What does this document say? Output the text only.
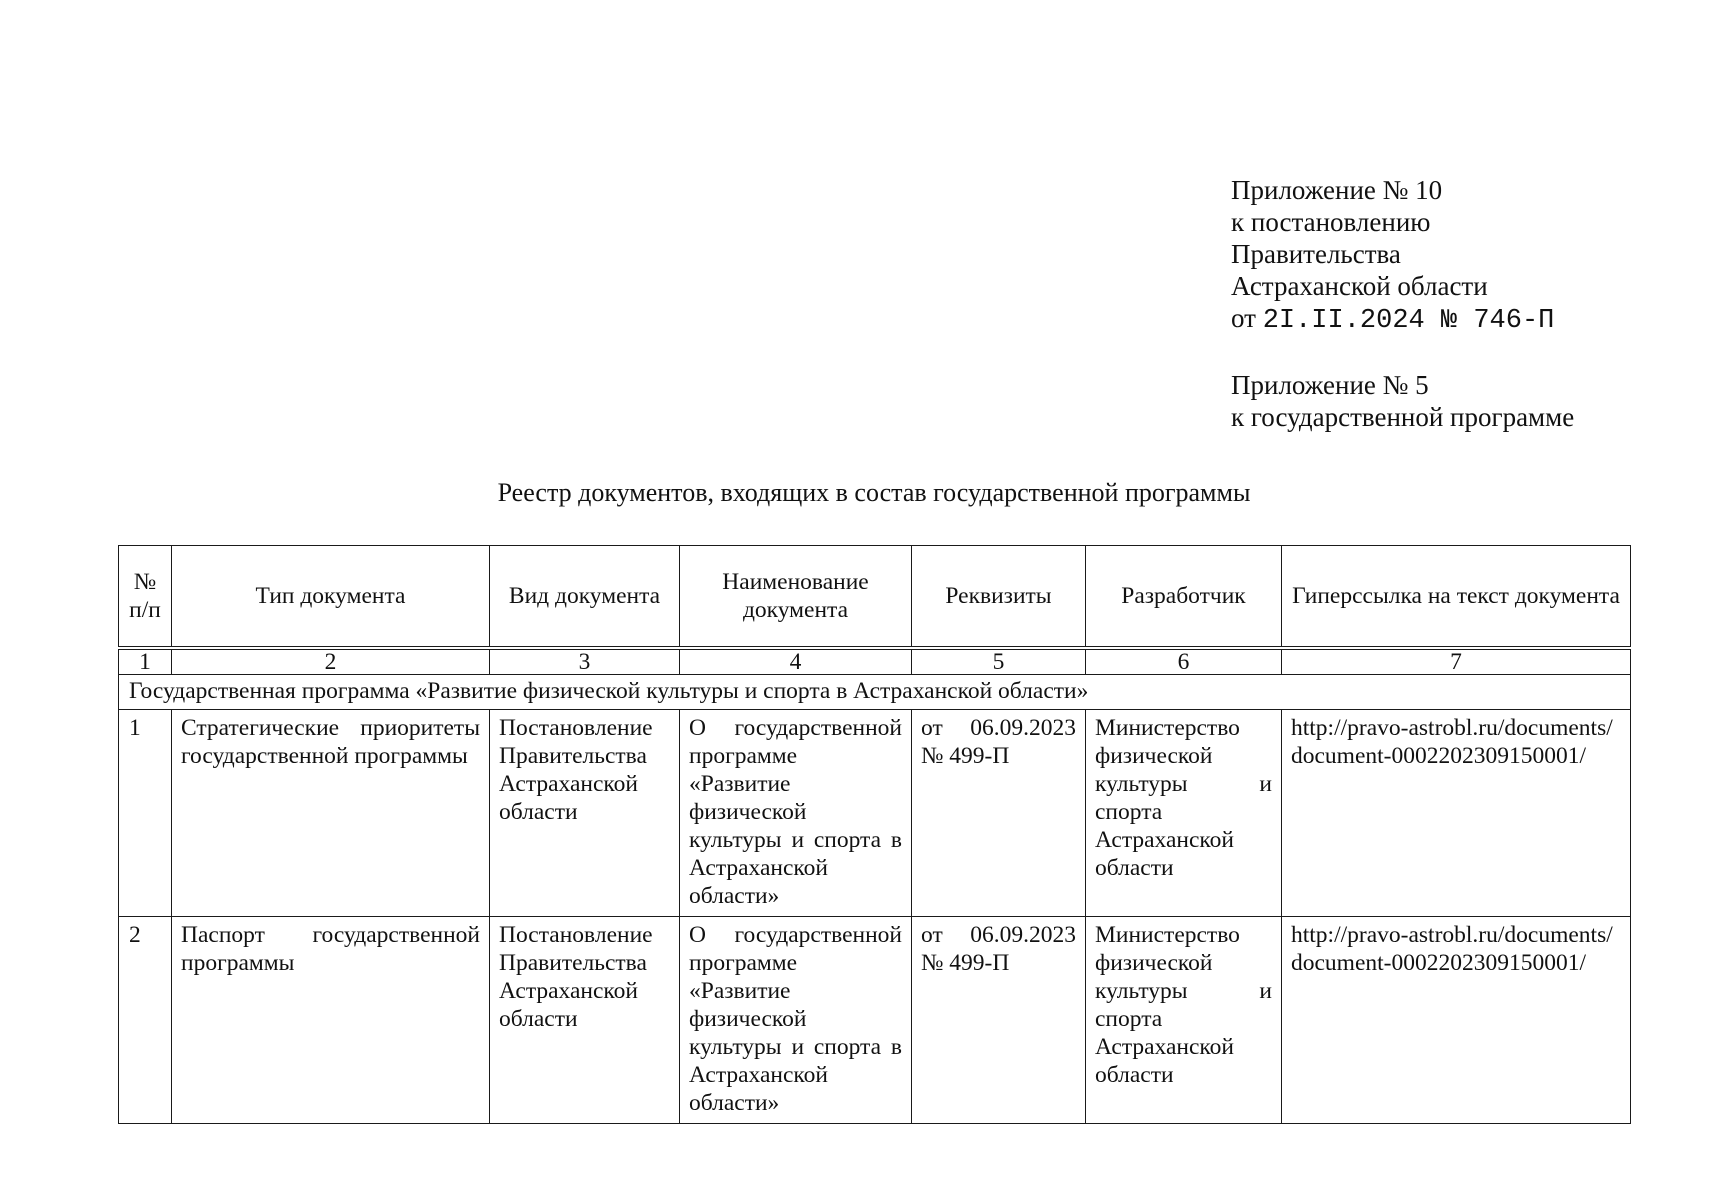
Приложение № 10
к постановлению
Правительства
Астраханской области
от 2I.II.2024 № 746-П
Приложение № 5
к государственной программе
Реестр документов, входящих в состав государственной программы
№ п/п	Тип документа	Вид документа	Наименование документа	Реквизиты	Разработчик	Гиперссылка на текст документа

1	2	3	4	5	6	7
Государственная программа «Развитие физической культуры и спорта в Астраханской области»						
1	Стратегические приоритеты государственной программы	Постановление Правительства Астраханской области	О государственной программе «Развитие физической культуры и спорта в Астраханской области»	от 06.09.2023 № 499-П	Министерство физической культуры и спорта Астраханской области	http://pravo-astrobl.ru/documents/document-0002202309150001/
2	Паспорт государственной программы	Постановление Правительства Астраханской области	О государственной программе «Развитие физической культуры и спорта в Астраханской области»	от 06.09.2023 № 499-П	Министерство физической культуры и спорта Астраханской области	http://pravo-astrobl.ru/documents/document-0002202309150001/
